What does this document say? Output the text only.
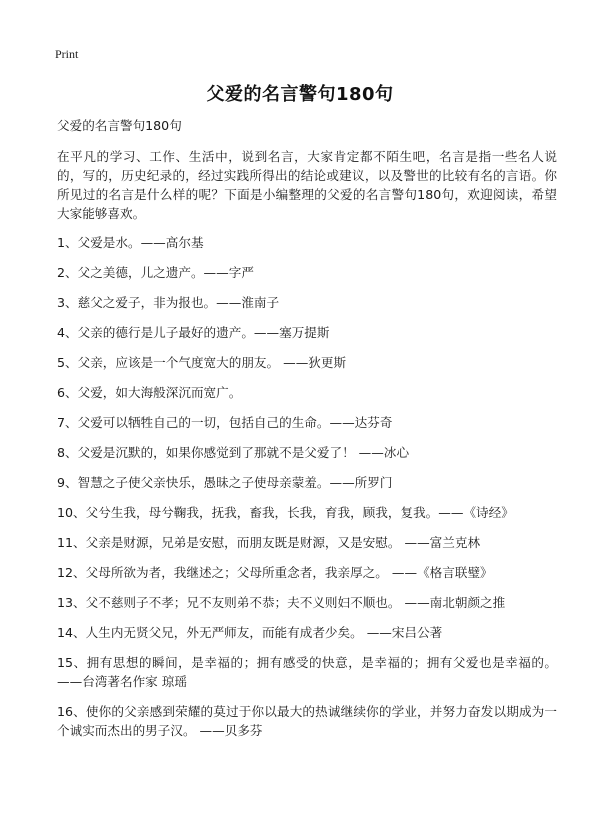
Print
父爱的名言警句180句

父爱的名言警句180句

在平凡的学习、工作、生活中，说到名言，大家肯定都不陌生吧，名言是指一些名人说的，写的，历史纪录的，经过实践所得出的结论或建议，以及警世的比较有名的言语。你所见过的名言是什么样的呢？下面是小编整理的父爱的名言警句180句，欢迎阅读，希望大家能够喜欢。

1、父爱是水。——高尔基
2、父之美德，儿之遗产。——字严
3、慈父之爱子，非为报也。——淮南子
4、父亲的德行是儿子最好的遗产。——塞万提斯
5、父亲，应该是一个气度宽大的朋友。 ——狄更斯
6、父爱，如大海般深沉而宽广。
7、父爱可以牺牲自己的一切，包括自己的生命。——达芬奇
8、父爱是沉默的，如果你感觉到了那就不是父爱了！ ——冰心
9、智慧之子使父亲快乐，愚昧之子使母亲蒙羞。——所罗门
10、父兮生我，母兮鞠我，抚我，畜我，长我，育我，顾我，复我。——《诗经》
11、父亲是财源，兄弟是安慰，而朋友既是财源，又是安慰。 ——富兰克林
12、父母所欲为者，我继述之；父母所重念者，我亲厚之。 ——《格言联璧》
13、父不慈则子不孝；兄不友则弟不恭；夫不义则妇不顺也。 ——南北朝颜之推
14、人生内无贤父兄，外无严师友，而能有成者少矣。 ——宋吕公著
15、拥有思想的瞬间，是幸福的；拥有感受的快意，是幸福的；拥有父爱也是幸福的。 ——台湾著名作家 琼瑶
16、使你的父亲感到荣耀的莫过于你以最大的热诚继续你的学业，并努力奋发以期成为一个诚实而杰出的男子汉。 ——贝多芬
